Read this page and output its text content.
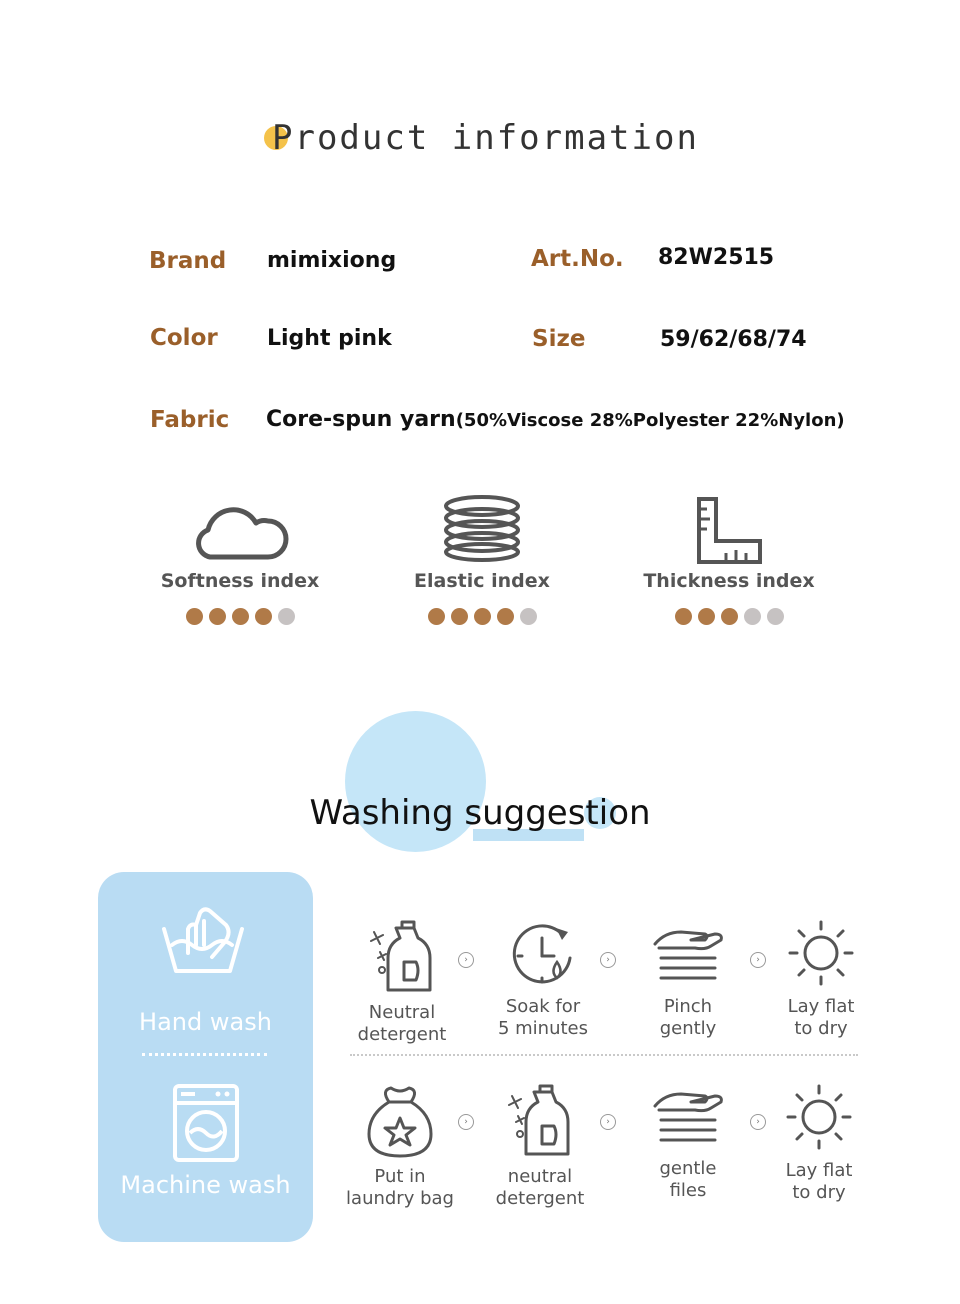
Product information
Brand mimixiong	Art.No. 82W2515
Color Light pink	Size	59/62/68/74
Fabric Core-spun yarn(50%Viscose 28%Polyester 22%Nylon)
Softness index	Elastic index	Thickness index
Washing suggestion
Hand wash
Machine wash
Neutral
detergent
›
Soak for
5 minutes
›
Pinch
gently
›
Lay flat
to dry
Put in
laundry bag
›
neutral
detergent
›
gentle
files
›
Lay flat
to dry
